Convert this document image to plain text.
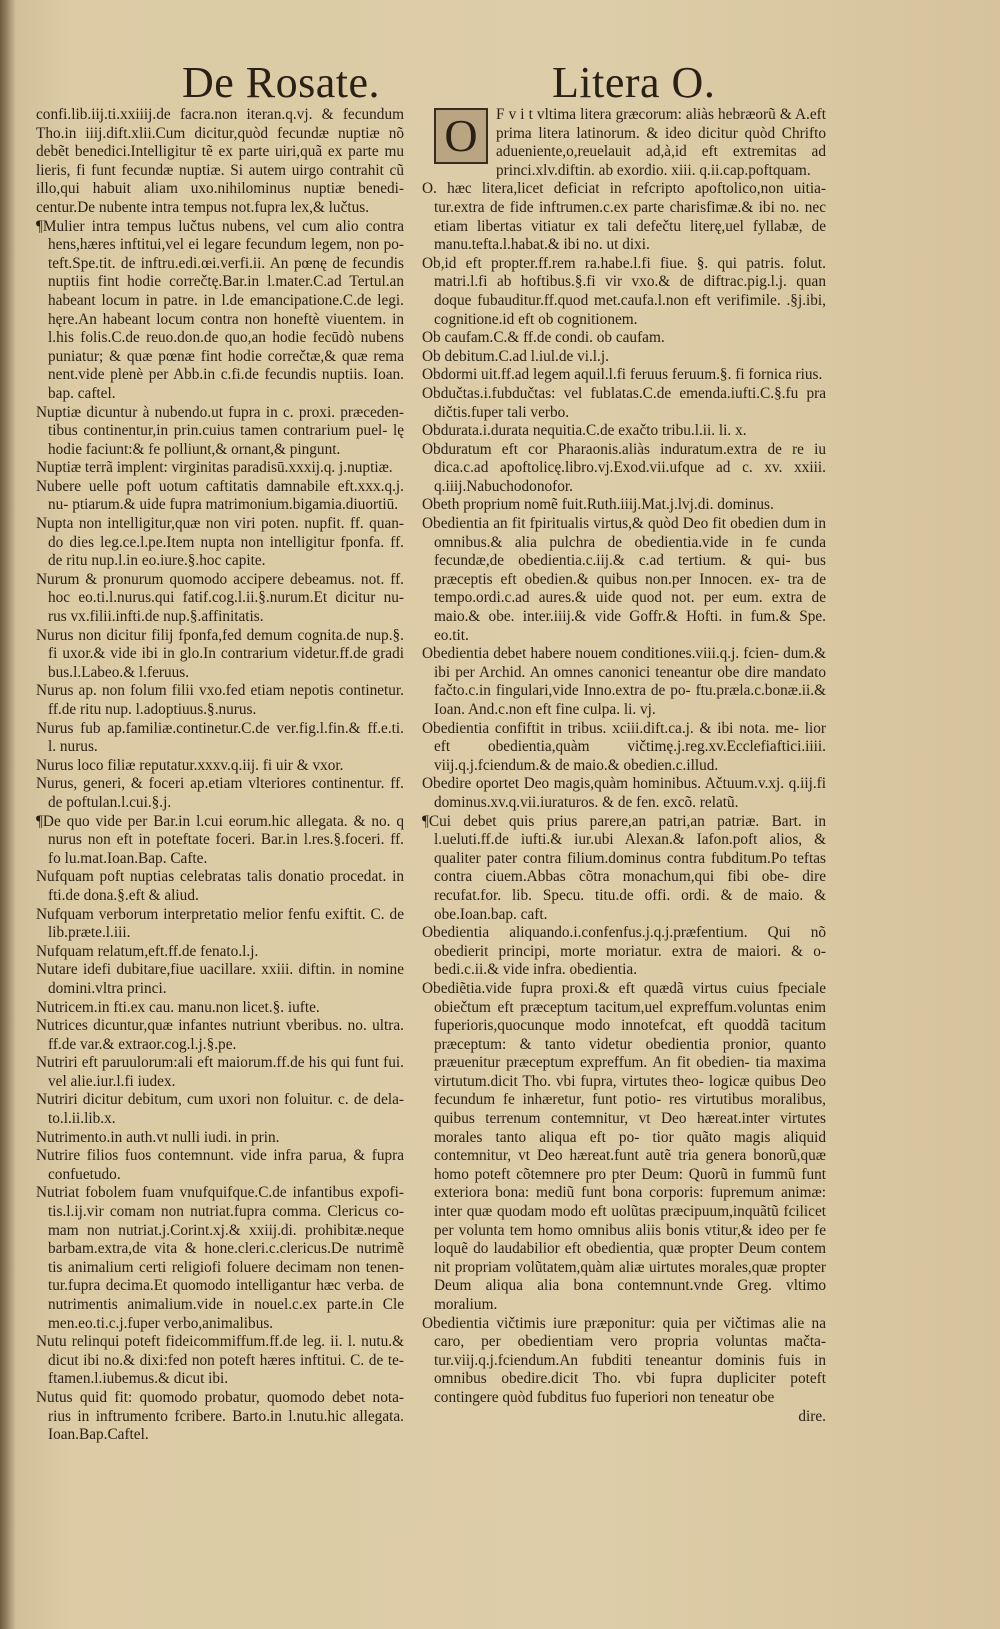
De Rosate.	Litera O.

confi.lib.iij.ti.xxiiij.de facra.non iteran.q.vj. & fecundum Tho.in iiij.dift.xlii.Cum dicitur,quòd fecundæ nuptiæ nõ debẽt benedici.Intelligitur tẽ ex parte uiri,quã ex parte mu lieris, fi funt fecundæ nuptiæ. Si autem uirgo contrahit cũ illo,qui habuit aliam uxo.nihilominus nuptiæ benedi- centur.De nubente intra tempus not.fupra lex,& lučtus.

¶Mulier intra tempus lučtus nubens, vel cum alio contra hens,hæres inftitui,vel ei legare fecundum legem, non po- teft.Spe.tit. de inftru.edi.œi.verfi.ii. An pœnę de fecundis nuptiis fint hodie correčtę.Bar.in l.mater.C.ad Tertul.an habeant locum in patre. in l.de emancipatione.C.de legi. hęre.An habeant locum contra non honeftè viuentem. in l.his folis.C.de reuo.don.de quo,an hodie fecūdò nubens puniatur; & quæ pœnæ fint hodie correčtæ,& quæ rema nent.vide plenè per Abb.in c.fi.de fecundis nuptiis. Ioan. bap. caftel.

Nuptiæ dicuntur à nubendo.ut fupra in c. proxi. præceden- tibus continentur,in prin.cuius tamen contrarium puel- lę hodie faciunt:& fe polliunt,& ornant,& pingunt.

Nuptiæ terrã implent: virginitas paradisū.xxxij.q. j.nuptiæ.

Nubere uelle poft uotum caftitatis damnabile eft.xxx.q.j. nu- ptiarum.& uide fupra matrimonium.bigamia.diuortiū.

Nupta non intelligitur,quæ non viri poten. nupfit. ff. quan- do dies leg.ce.l.pe.Item nupta non intelligitur fponfa. ff. de ritu nup.l.in eo.iure.§.hoc capite.

Nurum & pronurum quomodo accipere debeamus. not. ff. hoc eo.ti.l.nurus.qui fatif.cog.l.ii.§.nurum.Et dicitur nu- rus vx.filii.infti.de nup.§.affinitatis.

Nurus non dicitur filij fponfa,fed demum cognita.de nup.§. fi uxor.& vide ibi in glo.In contrarium videtur.ff.de gradi bus.l.Labeo.& l.feruus.

Nurus ap. non folum filii vxo.fed etiam nepotis continetur. ff.de ritu nup. l.adoptiuus.§.nurus.

Nurus fub ap.familiæ.continetur.C.de ver.fig.l.fin.& ff.e.ti. l. nurus.

Nurus loco filiæ reputatur.xxxv.q.iij. fi uir & vxor.

Nurus, generi, & foceri ap.etiam vlteriores continentur. ff. de poftulan.l.cui.§.j.

¶De quo vide per Bar.in l.cui eorum.hic allegata. & no. q nurus non eft in poteftate foceri. Bar.in l.res.§.foceri. ff. fo lu.mat.Ioan.Bap. Cafte.

Nufquam poft nuptias celebratas talis donatio procedat. in fti.de dona.§.eft & aliud.

Nufquam verborum interpretatio melior fenfu exiftit. C. de lib.præte.l.iii.

Nufquam relatum,eft.ff.de fenato.l.j.

Nutare idefi dubitare,fiue uacillare. xxiii. diftin. in nomine domini.vltra princi.

Nutricem.in fti.ex cau. manu.non licet.§. iufte.

Nutrices dicuntur,quæ infantes nutriunt vberibus. no. ultra. ff.de var.& extraor.cog.l.j.§.pe.

Nutriri eft paruulorum:ali eft maiorum.ff.de his qui funt fui. vel alie.iur.l.fi iudex.

Nutriri dicitur debitum, cum uxori non foluitur. c. de dela- to.l.ii.lib.x.

Nutrimento.in auth.vt nulli iudi. in prin.

Nutrire filios fuos contemnunt. vide infra parua, & fupra confuetudo.

Nutriat fobolem fuam vnufquifque.C.de infantibus expofi- tis.l.ij.vir comam non nutriat.fupra comma. Clericus co- mam non nutriat.j.Corint.xj.& xxiij.di. prohibitæ.neque barbam.extra,de vita & hone.cleri.c.clericus.De nutrimẽ tis animalium certi religiofi foluere decimam non tenen- tur.fupra decima.Et quomodo intelligantur hæc verba. de nutrimentis animalium.vide in nouel.c.ex parte.in Cle men.eo.ti.c.j.fuper verbo,animalibus.

Nutu relinqui poteft fideicommiffum.ff.de leg. ii. l. nutu.& dicut ibi no.& dixi:fed non poteft hæres inftitui. C. de te- ftamen.l.iubemus.& dicut ibi.

Nutus quid fit: quomodo probatur, quomodo debet nota- rius in inftrumento fcribere. Barto.in l.nutu.hic allegata. Ioan.Bap.Caftel.

O	F v i t vltima litera græcorum: aliàs hebræorũ & A.eft prima litera latinorum. & ideo dicitur quòd Chrifto adueniente,o,reuelauit ad,à,id eft extremitas ad princi.xlv.diftin. ab exordio. xiii. q.ii.cap.poftquam.

O. hæc litera,licet deficiat in refcripto apoftolico,non uitia- tur.extra de fide inftrumen.c.ex parte charisfimæ.& ibi no. nec etiam libertas vitiatur ex tali defečtu literę,uel fyllabæ, de manu.tefta.l.habat.& ibi no. ut dixi.

Ob,id eft propter.ff.rem ra.habe.l.fi fiue. §. qui patris. folut. matri.l.fi ab hoftibus.§.fi vir vxo.& de diftrac.pig.l.j. quan doque fubauditur.ff.quod met.caufa.l.non eft verifimile. .§j.ibi, cognitione.id eft ob cognitionem.

Ob caufam.C.& ff.de condi. ob caufam.

Ob debitum.C.ad l.iul.de vi.l.j.

Obdormi uit.ff.ad legem aquil.l.fi feruus feruum.§. fi fornica rius.

Obdučtas.i.fubdučtas: vel fublatas.C.de emenda.iufti.C.§.fu pra dičtis.fuper tali verbo.

Obdurata.i.durata nequitia.C.de exačto tribu.l.ii. li. x.

Obduratum eft cor Pharaonis.aliàs induratum.extra de re iu dica.c.ad apoftolicę.libro.vj.Exod.vii.ufque ad c. xv. xxiii. q.iiij.Nabuchodonofor.

Obeth proprium nomẽ fuit.Ruth.iiij.Mat.j.lvj.di. dominus.

Obedientia an fit fpiritualis virtus,& quòd Deo fit obedien dum in omnibus.& alia pulchra de obedientia.vide in fe cunda fecundæ,de obedientia.c.iij.& c.ad tertium. & qui- bus præceptis eft obedien.& quibus non.per Innocen. ex- tra de tempo.ordi.c.ad aures.& uide quod not. per eum. extra de maio.& obe. inter.iiij.& vide Goffr.& Hofti. in fum.& Spe. eo.tit.

Obedientia debet habere nouem conditiones.viii.q.j. fcien- dum.& ibi per Archid. An omnes canonici teneantur obe dire mandato fačto.c.in fingulari,vide Inno.extra de po- ftu.præla.c.bonæ.ii.& Ioan. And.c.non eft fine culpa. li. vj.

Obedientia confiftit in tribus. xciii.dift.ca.j. & ibi nota. me- lior eft obedientia,quàm vičtimę.j.reg.xv.Ecclefiaftici.iiii. viij.q.j.fciendum.& de maio.& obedien.c.illud.

Obedire oportet Deo magis,quàm hominibus. Ačtuum.v.xj. q.iij.fi dominus.xv.q.vii.iuraturos. & de fen. excõ. relatũ.

¶Cui debet quis prius parere,an patri,an patriæ. Bart. in l.ueluti.ff.de iufti.& iur.ubi Alexan.& Iafon.poft alios, & qualiter pater contra filium.dominus contra fubditum.Po teftas contra ciuem.Abbas cõtra monachum,qui fibi obe- dire recufat.for. lib. Specu. titu.de offi. ordi. & de maio. & obe.Ioan.bap. caft.

Obedientia aliquando.i.confenfus.j.q.j.præfentium. Qui nõ obedierit principi, morte moriatur. extra de maiori. & o- bedi.c.ii.& vide infra. obedientia.

Obediẽtia.vide fupra proxi.& eft quædã virtus cuius fpeciale obiečtum eft præceptum tacitum,uel expreffum.voluntas enim fuperioris,quocunque modo innotefcat, eft quoddã tacitum præceptum: & tanto videtur obedientia pronior, quanto præuenitur præceptum expreffum. An fit obedien- tia maxima virtutum.dicit Tho. vbi fupra, virtutes theo- logicæ quibus Deo fecundum fe inhæretur, funt potio- res virtutibus moralibus, quibus terrenum contemnitur, vt Deo hæreat.inter virtutes morales tanto aliqua eft po- tior quãto magis aliquid contemnitur, vt Deo hæreat.funt autẽ tria genera bonorũ,quæ homo poteft cõtemnere pro pter Deum: Quorũ in fummũ funt exteriora bona: mediũ funt bona corporis: fupremum animæ: inter quæ quodam modo eft uolũtas præcipuum,inquãtũ fcilicet per volunta tem homo omnibus aliis bonis vtitur,& ideo per fe loquẽ do laudabilior eft obedientia, quæ propter Deum contem nit propriam volũtatem,quàm aliæ uirtutes morales,quæ propter Deum aliqua alia bona contemnunt.vnde Greg. vltimo moralium.

Obedientia vičtimis iure præponitur: quia per vičtimas alie na caro, per obedientiam vero propria voluntas mačta- tur.viij.q.j.fciendum.An fubditi teneantur dominis fuis in omnibus obedire.dicit Tho. vbi fupra dupliciter poteft contingere quòd fubditus fuo fuperiori non teneatur obe

dire.
